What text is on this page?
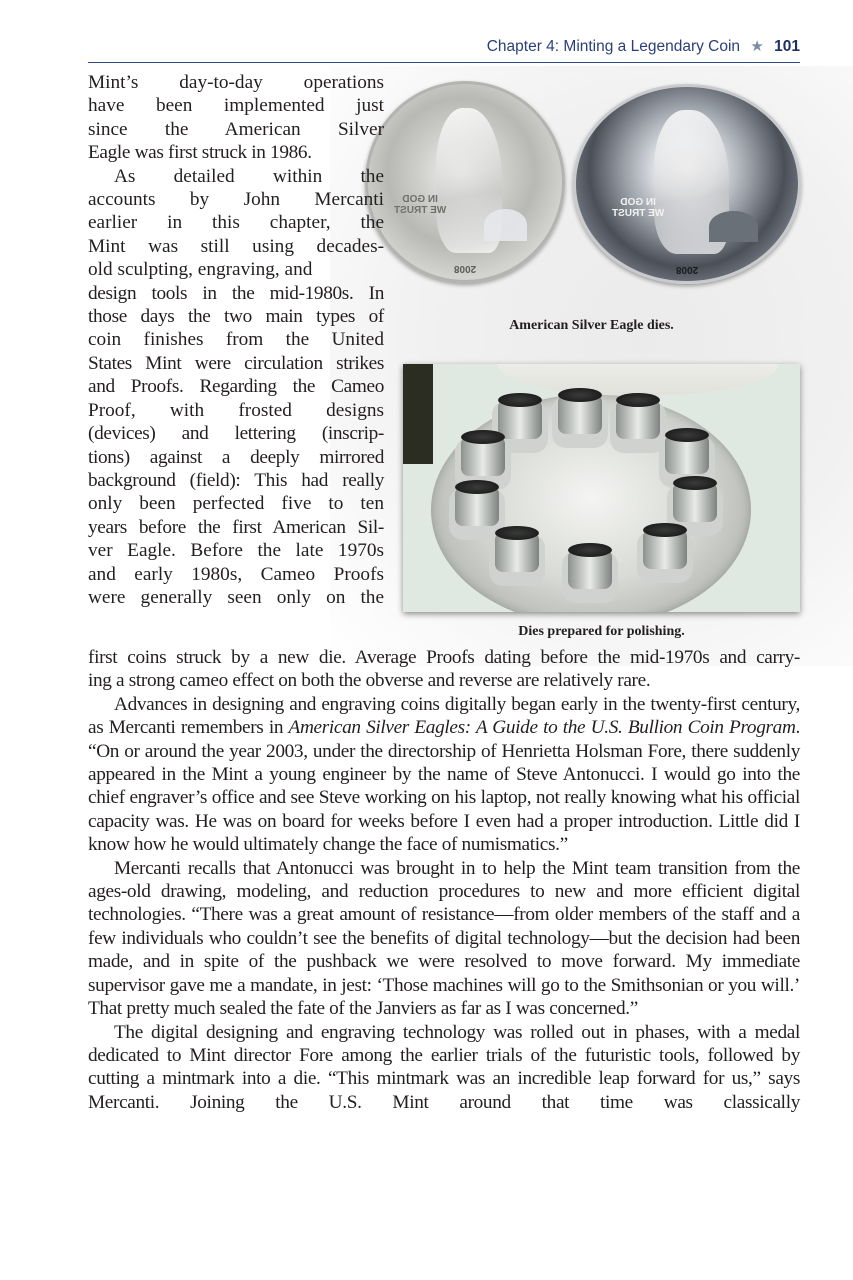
Chapter 4: Minting a Legendary Coin ★ 101
IN GOD
WE TRUST
2008
IN GOD
WE TRUST
2008
American Silver Eagle dies.
Dies prepared for polishing.
Mint’s day-to-day operations
have been implemented just
since the American Silver
Eagle was first struck in 1986.
As detailed within the
accounts by John Mercanti
earlier in this chapter, the
Mint was still using decades-
old sculpting, engraving, and
design tools in the mid-1980s. In
those days the two main types of
coin finishes from the United
States Mint were circulation strikes
and Proofs. Regarding the Cameo
Proof, with frosted designs
(devices) and lettering (inscrip-
tions) against a deeply mirrored
background (field): This had really
only been perfected five to ten
years before the first American Sil-
ver Eagle. Before the late 1970s
and early 1980s, Cameo Proofs
were generally seen only on the

first coins struck by a new die. Average Proofs dating before the mid-1970s and carry-
ing a strong cameo effect on both the obverse and reverse are relatively rare.

Advances in designing and engraving coins digitally began early in the twenty-first century, as Mercanti remembers in American Silver Eagles: A Guide to the U.S. Bullion Coin Program. “On or around the year 2003, under the directorship of Henrietta Holsman Fore, there suddenly appeared in the Mint a young engineer by the name of Steve Antonucci. I would go into the chief engraver’s office and see Steve working on his laptop, not really knowing what his official capacity was. He was on board for weeks before I even had a proper introduction. Little did I know how he would ultimately change the face of numismatics.”

Mercanti recalls that Antonucci was brought in to help the Mint team transition from the ages-old drawing, modeling, and reduction procedures to new and more efficient digital technologies. “There was a great amount of resistance—from older members of the staff and a few individuals who couldn’t see the benefits of digital technology—but the decision had been made, and in spite of the pushback we were resolved to move forward. My immediate supervisor gave me a mandate, in jest: ‘Those machines will go to the Smithsonian or you will.’ That pretty much sealed the fate of the Janviers as far as I was concerned.”

The digital designing and engraving technology was rolled out in phases, with a medal dedicated to Mint director Fore among the earlier trials of the futuristic tools, followed by cutting a mintmark into a die. “This mintmark was an incredible leap forward for us,” says Mercanti. Joining the U.S. Mint around that time was classically
